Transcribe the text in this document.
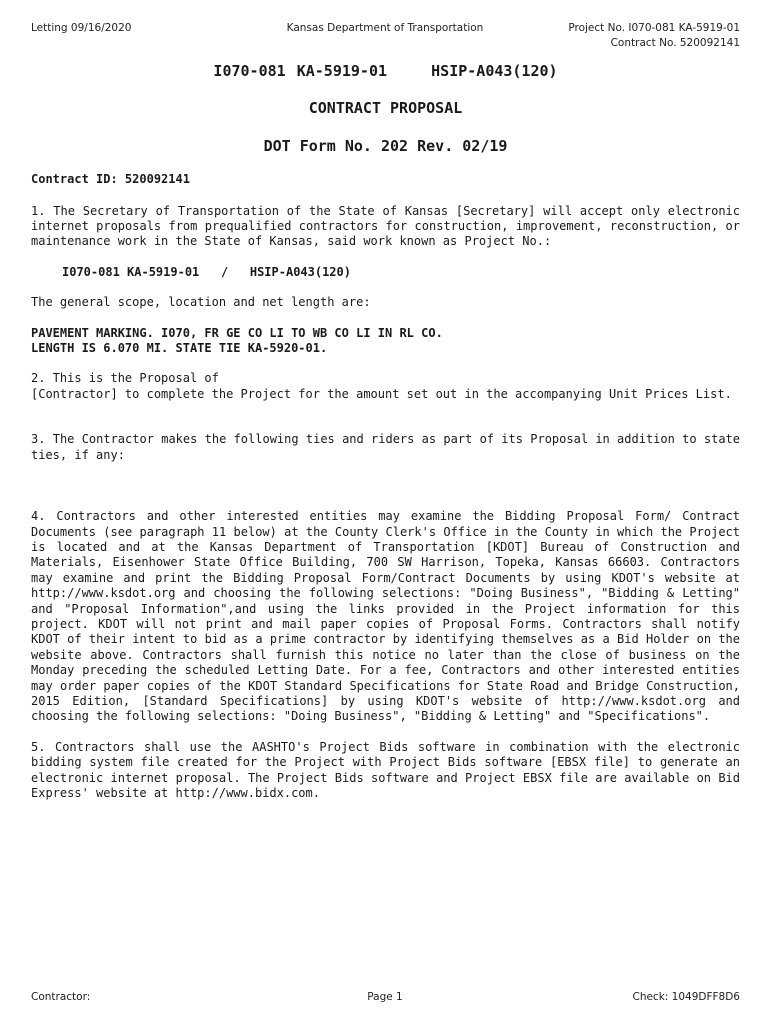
Letting 09/16/2020	Kansas Department of Transportation	Project No. I070-081 KA-5919-01
Contract No. 520092141

I070-081 KA-5919-01    HSIP-A043(120)

CONTRACT PROPOSAL

DOT Form No. 202 Rev. 02/19

Contract ID: 520092141

1. The Secretary of Transportation of the State of Kansas [Secretary] will accept only electronic internet proposals from prequalified contractors for construction, improvement, reconstruction, or maintenance work in the State of Kansas, said work known as Project No.:

I070-081 KA-5919-01   /   HSIP-A043(120)

The general scope, location and net length are:

PAVEMENT MARKING. I070, FR GE CO LI TO WB CO LI IN RL CO.

LENGTH IS 6.070 MI. STATE TIE KA-5920-01.

2. This is the Proposal of

[Contractor] to complete the Project for the amount set out in the accompanying Unit Prices List.

3. The Contractor makes the following ties and riders as part of its Proposal in addition to state ties, if any:

4. Contractors and other interested entities may examine the Bidding Proposal Form/ Contract Documents (see paragraph 11 below) at the County Clerk's Office in the County in which the Project is located and at the Kansas Department of Transportation [KDOT] Bureau of Construction and Materials, Eisenhower State Office Building, 700 SW Harrison, Topeka, Kansas 66603. Contractors may examine and print the Bidding Proposal Form/Contract Documents by using KDOT's website at http://www.ksdot.org and choosing the following selections: "Doing Business", "Bidding & Letting" and "Proposal Information",and using the links provided in the Project information for this project. KDOT will not print and mail paper copies of Proposal Forms. Contractors shall notify KDOT of their intent to bid as a prime contractor by identifying themselves as a Bid Holder on the website above. Contractors shall furnish this notice no later than the close of business on the Monday preceding the scheduled Letting Date. For a fee, Contractors and other interested entities may order paper copies of the KDOT Standard Specifications for State Road and Bridge Construction, 2015 Edition, [Standard Specifications] by using KDOT's website of http://www.ksdot.org and choosing the following selections: "Doing Business", "Bidding & Letting" and "Specifications".

5. Contractors shall use the AASHTO's Project Bids software in combination with the electronic bidding system file created for the Project with Project Bids software [EBSX file] to generate an electronic internet proposal. The Project Bids software and Project EBSX file are available on Bid Express' website at http://www.bidx.com.

Contractor:	Page 1	Check: 1049DFF8D6
